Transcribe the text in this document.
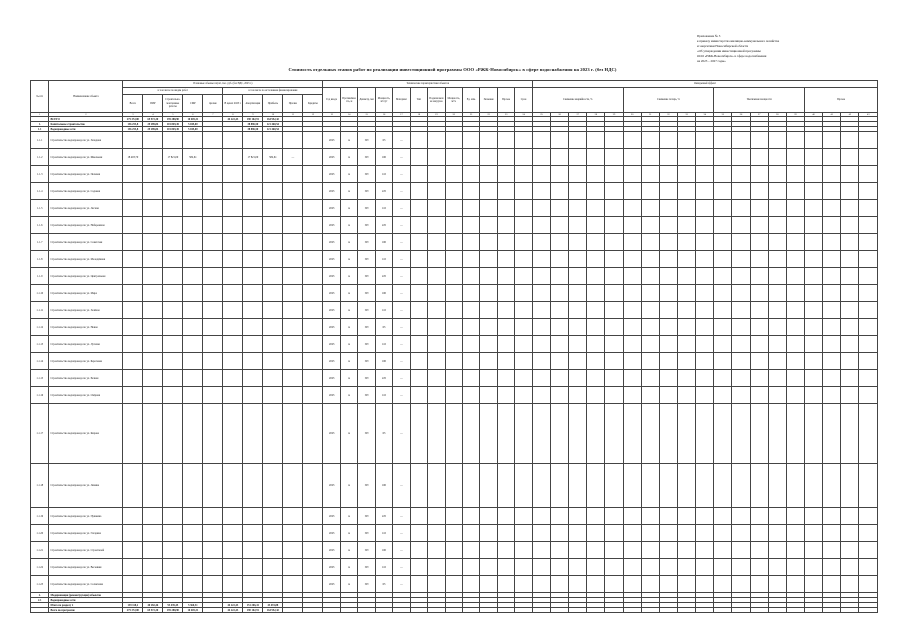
Приложение № 3
к приказу министерства жилищно-коммунального хозяйства
и энергетики Новосибирской области
«Об утверждении инвестиционной программы
ООО «РЖК-Новосибирск» в сфере водоснабжения
на 2023 – 2027 годы»
Стоимость отдельных этапов работ по реализации инвестиционной программы ООО «РЖК-Новосибирск» в сфере водоснабжения на 2023 г. (без НДС)
№ п/п	Наименование объекта	Плановые объемы затрат, тыс. руб. (без НДС, 2023 г.)										Технические характеристики объектов												Ожидаемый эффект																		
		в том числе по видам работ					в том числе по источникам финансирования					Год ввода	Протяжённость, м	Диаметр, мм	Мощность, м³/сут	Материал	Тип	Подключаемая нагрузка	Мощность, м³/ч	Ед. изм.	Значение	Прочее	Срок	Снижение аварийности, %					Снижение потерь, %					Увеличение мощности					Прочее			
		Всего	ПИР	Строительно-монтажные работы	СМР	прочие	В ценах 2023 г.	Амортизация	Прибыль	Прочие	Кредиты																															
1	2	3	4	5	6	7	8	9	10	11	12	13	14	15	16	17	18	19	20	21	22	23	24	25	26	27	28	29	30	31	32	33	34	35	36	37	38	39	40	41	42	43
	ВСЕГО	275 372,00	69 572,30	195 288,90	10 405,31		44 222,43	190 102,91	164 952,42																																	
1.	Капитальное строительство	136 253,8	29 289,84	101 849,45	5 045,00			38 896,50	121 460,54																																	
1.1	Водопроводные сети	136 253,8	29 289,84	101 849,45	5 045,00			38 896,50	121 460,54																																	
1.1.1	Строительство водопровода по ул. Западная											2023	м	ПЭ	63	—																										
1.1.2	Строительство водопровода по ул. Школьная	18 403,70		17 821,09	582,61			17 821,09	582,61	—		2023	м	ПЭ	160	—																										
1.1.3	Строительство водопровода по ул. Полевая											2023	м	ПЭ	110	—																										
1.1.4	Строительство водопровода по ул. Садовая											2023	м	ПЭ	225	—																										
1.1.5	Строительство водопровода по ул. Лесная											2023	м	ПЭ	110	—																										
1.1.6	Строительство водопровода по ул. Набережная											2023	м	ПЭ	225	—																										
1.1.7	Строительство водопровода по ул. Советская											2023	м	ПЭ	160	—																										
1.1.8	Строительство водопровода по ул. Молодёжная											2023	м	ПЭ	110	—																										
1.1.9	Строительство водопровода по ул. Центральная											2023	м	ПЭ	225	—																										
1.1.10	Строительство водопровода по ул. Мира											2023	м	ПЭ	160	—																										
1.1.11	Строительство водопровода по ул. Зелёная											2023	м	ПЭ	110	—																										
1.1.12	Строительство водопровода по ул. Новая											2023	м	ПЭ	63	—																										
1.1.13	Строительство водопровода по ул. Луговая											2023	м	ПЭ	110	—																										
1.1.14	Строительство водопровода по ул. Береговая											2023	м	ПЭ	160	—																										
1.1.15	Строительство водопровода по ул. Речная											2023	м	ПЭ	225	—																										
1.1.16	Строительство водопровода по ул. Озёрная											2023	м	ПЭ	110	—																										
1.1.17	Строительство водопровода по ул. Кирова											2023	м	ПЭ	63	—																										
1.1.18	Строительство водопровода по ул. Ленина											2023	м	ПЭ	160	—																										
1.1.19	Строительство водопровода по ул. Пушкина											2023	м	ПЭ	225	—																										
1.1.20	Строительство водопровода по ул. Гагарина											2023	м	ПЭ	110	—																										
1.1.21	Строительство водопровода по ул. Строителей											2023	м	ПЭ	160	—																										
1.1.22	Строительство водопровода по ул. Весенняя											2023	м	ПЭ	110	—																										
1.1.23	Строительство водопровода по ул. Солнечная											2023	м	ПЭ	63	—																										
2.	Модернизация (реконструкция) объектов																																									
2.1	Водопроводные сети																																									
	Итого по разделу 2	139 118,2	40 282,46	93 439,45	5 360,31		44 222,43	151 206,41	43 491,88																																	
	Всего по программе	275 372,00	69 572,30	195 288,90	10 405,31		44 222,43	190 102,91	164 952,42																																	
